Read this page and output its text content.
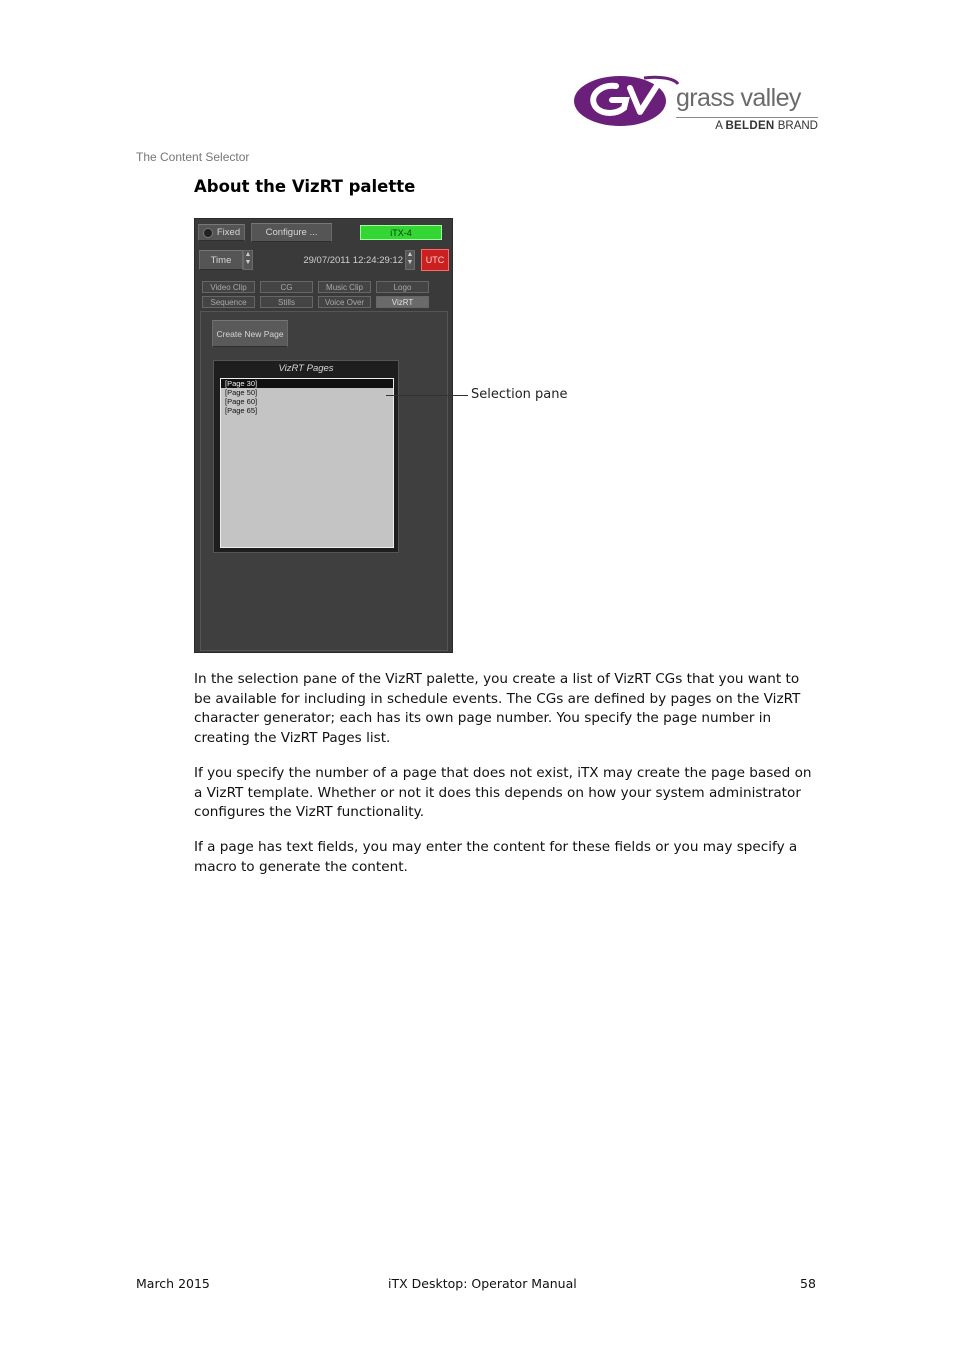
grass valley
A BELDEN BRAND
The Content Selector
About the VizRT palette
Fixed	Configure ...	iTX-4
Time	▲
▼	29/07/2011 12:24:29:12 ▲
▼	UTC
Video Clip	CG	Music Clip	Logo
Sequence	Stills	Voice Over	VizRT
Create New Page
VizRT Pages
[Page 30]
[Page 50]
[Page 60]
[Page 65]
Selection pane

In the selection pane of the VizRT palette, you create a list of VizRT CGs that you want to be available for including in schedule events. The CGs are defined by pages on the VizRT character generator; each has its own page number. You specify the page number in creating the VizRT Pages list.

If you specify the number of a page that does not exist, iTX may create the page based on a VizRT template. Whether or not it does this depends on how your system administrator configures the VizRT functionality.

If a page has text fields, you may enter the content for these fields or you may specify a macro to generate the content.

March 2015	iTX Desktop: Operator Manual	58
